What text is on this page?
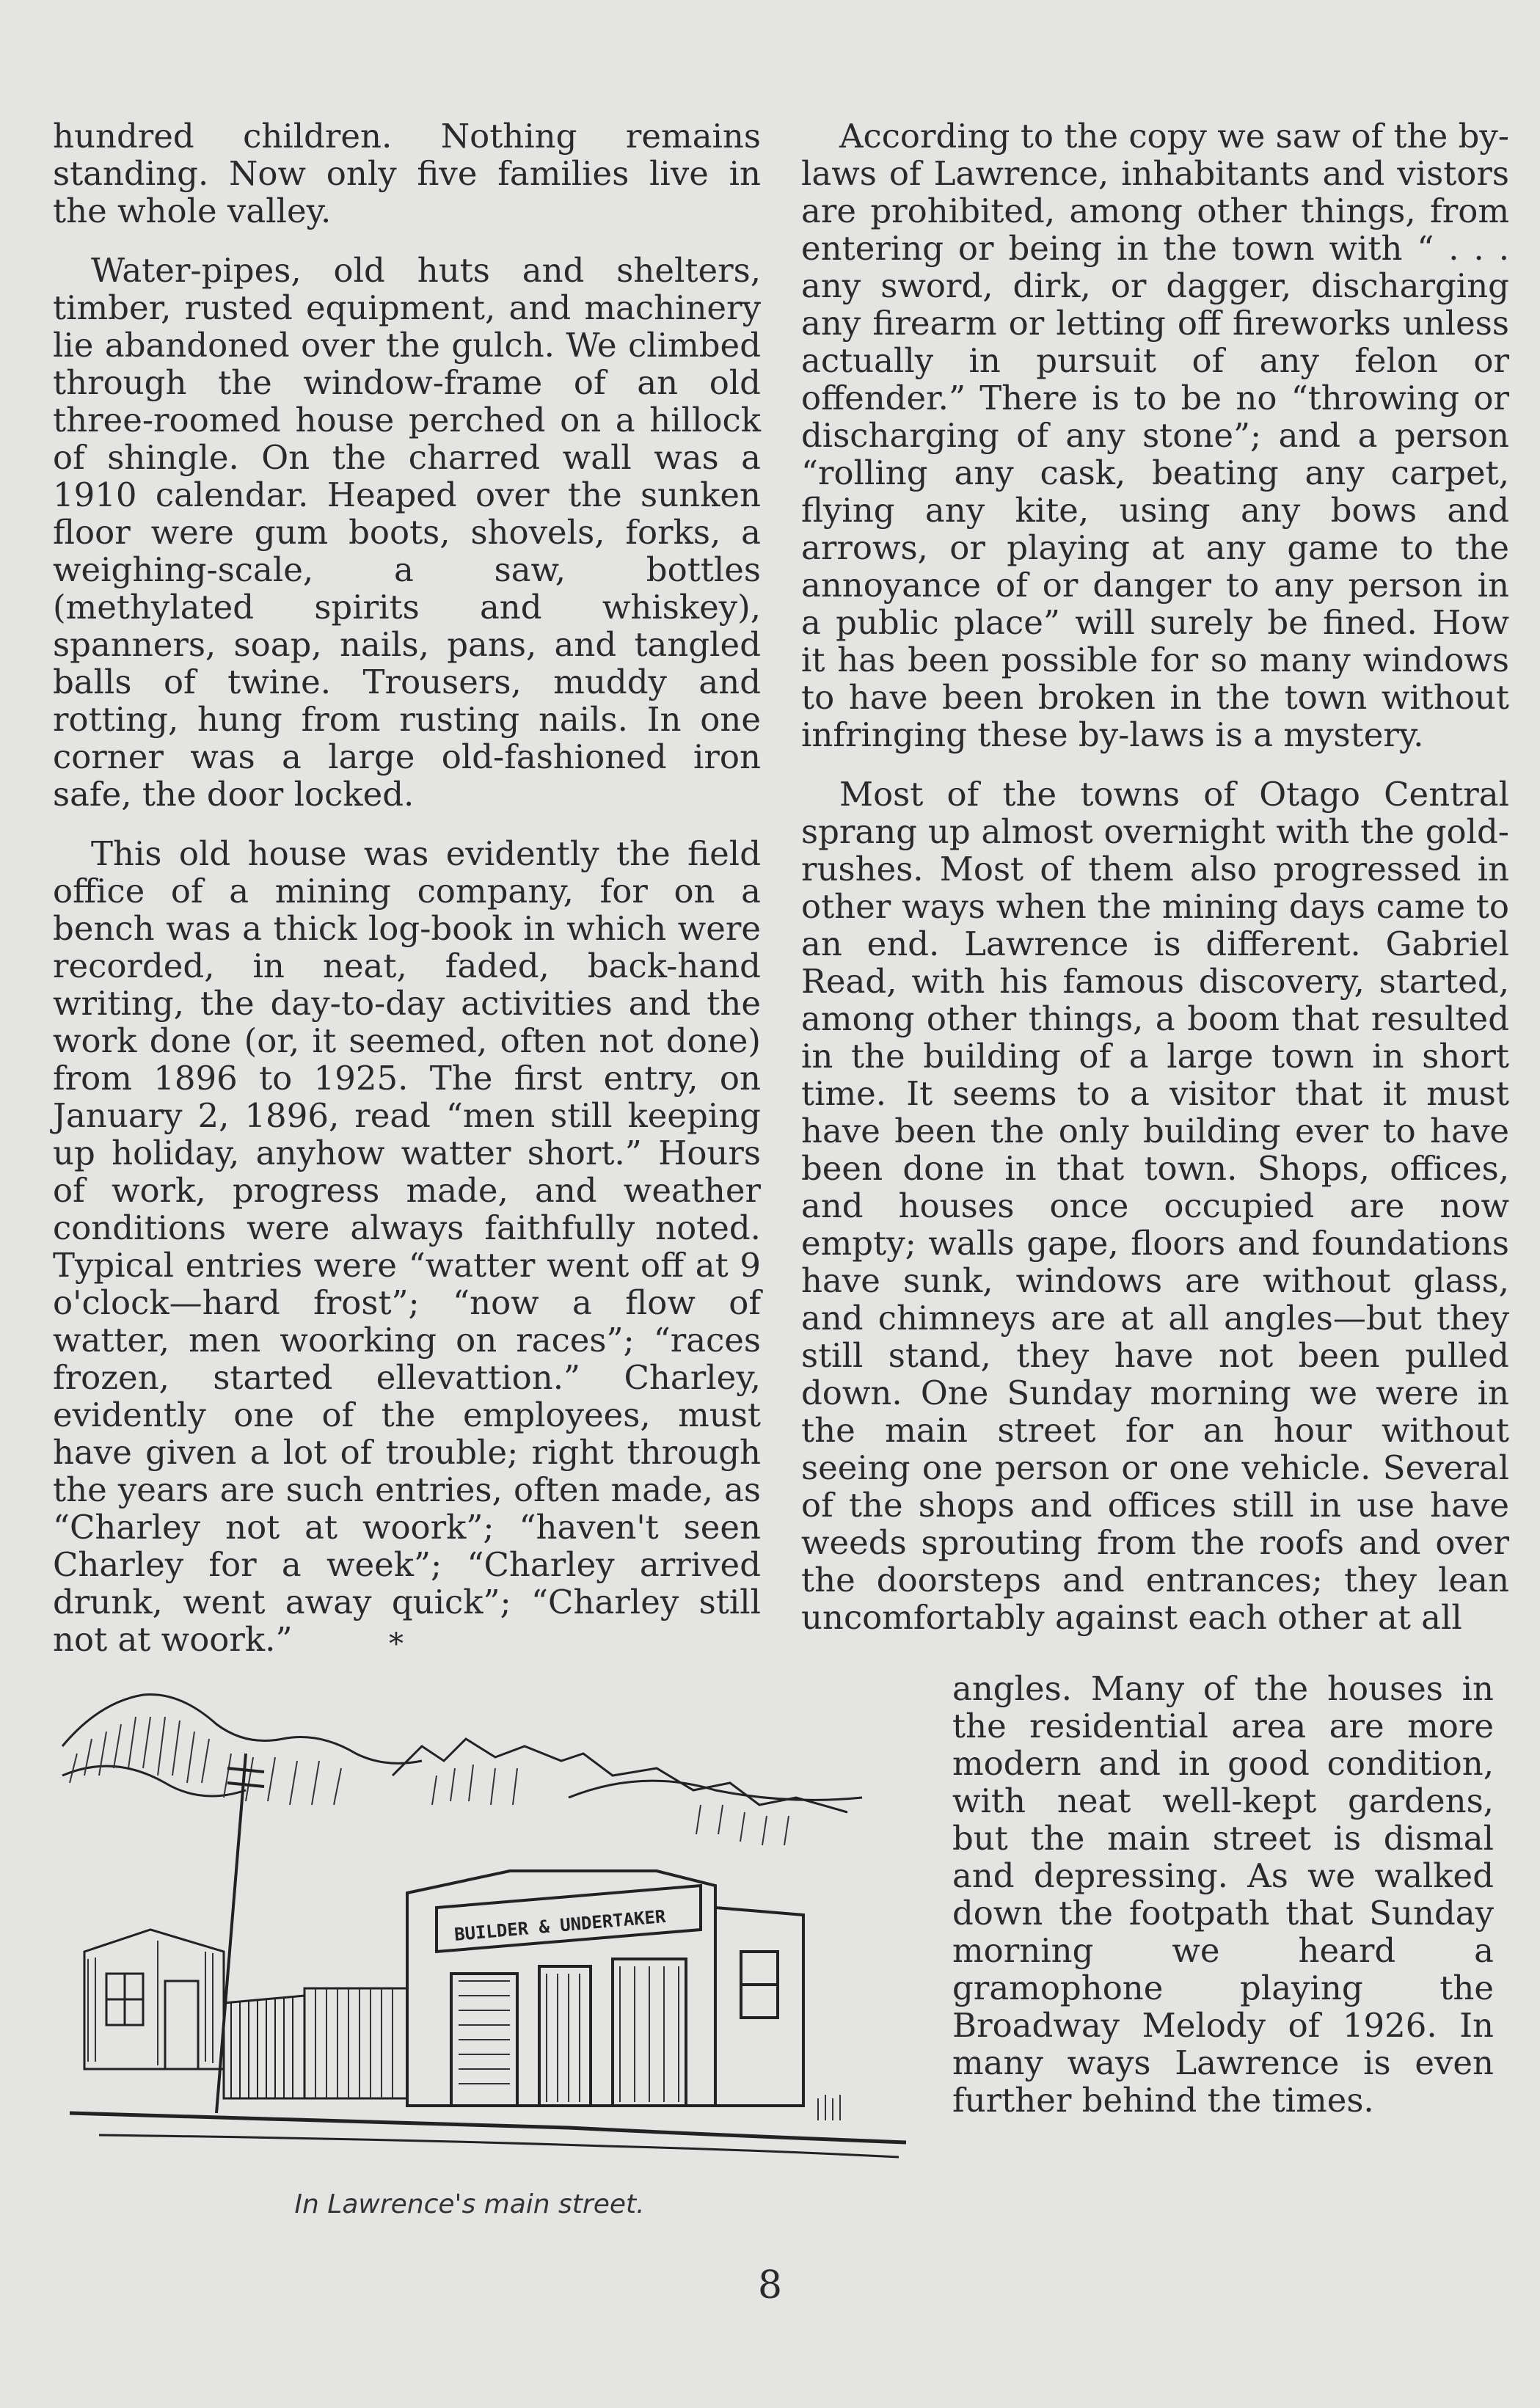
hundred children. Nothing remains standing. Now only five families live in the whole valley.

Water-pipes, old huts and shelters, timber, rusted equipment, and machinery lie abandoned over the gulch. We climbed through the window-frame of an old three-roomed house perched on a hillock of shingle. On the charred wall was a 1910 calendar. Heaped over the sunken floor were gum boots, shovels, forks, a weighing-scale, a saw, bottles (methylated spirits and whiskey), spanners, soap, nails, pans, and tangled balls of twine. Trousers, muddy and rotting, hung from rusting nails. In one corner was a large old-fashioned iron safe, the door locked.

This old house was evidently the field office of a mining company, for on a bench was a thick log-book in which were recorded, in neat, faded, back-hand writing, the day-to-day activities and the work done (or, it seemed, often not done) from 1896 to 1925. The first entry, on January 2, 1896, read “men still keeping up holiday, anyhow watter short.” Hours of work, progress made, and weather conditions were always faithfully noted. Typical entries were “watter went off at 9 o'clock—hard frost”; “now a flow of watter, men woorking on races”; “races frozen, started ellevattion.” Charley, evidently one of the employees, must have given a lot of trouble; right through the years are such entries, often made, as “Charley not at woork”; “haven't seen Charley for a week”; “Charley arrived drunk, went away quick”; “Charley still not at woork.”	*

According to the copy we saw of the by-laws of Lawrence, inhabitants and vistors are prohibited, among other things, from entering or being in the town with “ . . . any sword, dirk, or dagger, discharging any firearm or letting off fireworks unless actually in pursuit of any felon or offender.” There is to be no “throwing or discharging of any stone”; and a person “rolling any cask, beating any carpet, flying any kite, using any bows and arrows, or playing at any game to the annoyance of or danger to any person in a public place” will surely be fined. How it has been possible for so many windows to have been broken in the town without infringing these by-laws is a mystery.

Most of the towns of Otago Central sprang up almost overnight with the gold-rushes. Most of them also progressed in other ways when the mining days came to an end. Lawrence is different. Gabriel Read, with his famous discovery, started, among other things, a boom that resulted in the building of a large town in short time. It seems to a visitor that it must have been the only building ever to have been done in that town. Shops, offices, and houses once occupied are now empty; walls gape, floors and foundations have sunk, windows are without glass, and chimneys are at all angles—but they still stand, they have not been pulled down. One Sunday morning we were in the main street for an hour without seeing one person or one vehicle. Several of the shops and offices still in use have weeds sprouting from the roofs and over the doorsteps and entrances; they lean uncomfortably against each other at all

angles. Many of the houses in the residential area are more modern and in good condition, with neat well-kept gardens, but the main street is dismal and depressing. As we walked down the footpath that Sunday morning we heard a gramophone playing the Broadway Melody of 1926. In many ways Lawrence is even further behind the times.

BUILDER & UNDERTAKER
In Lawrence's main street.
8
